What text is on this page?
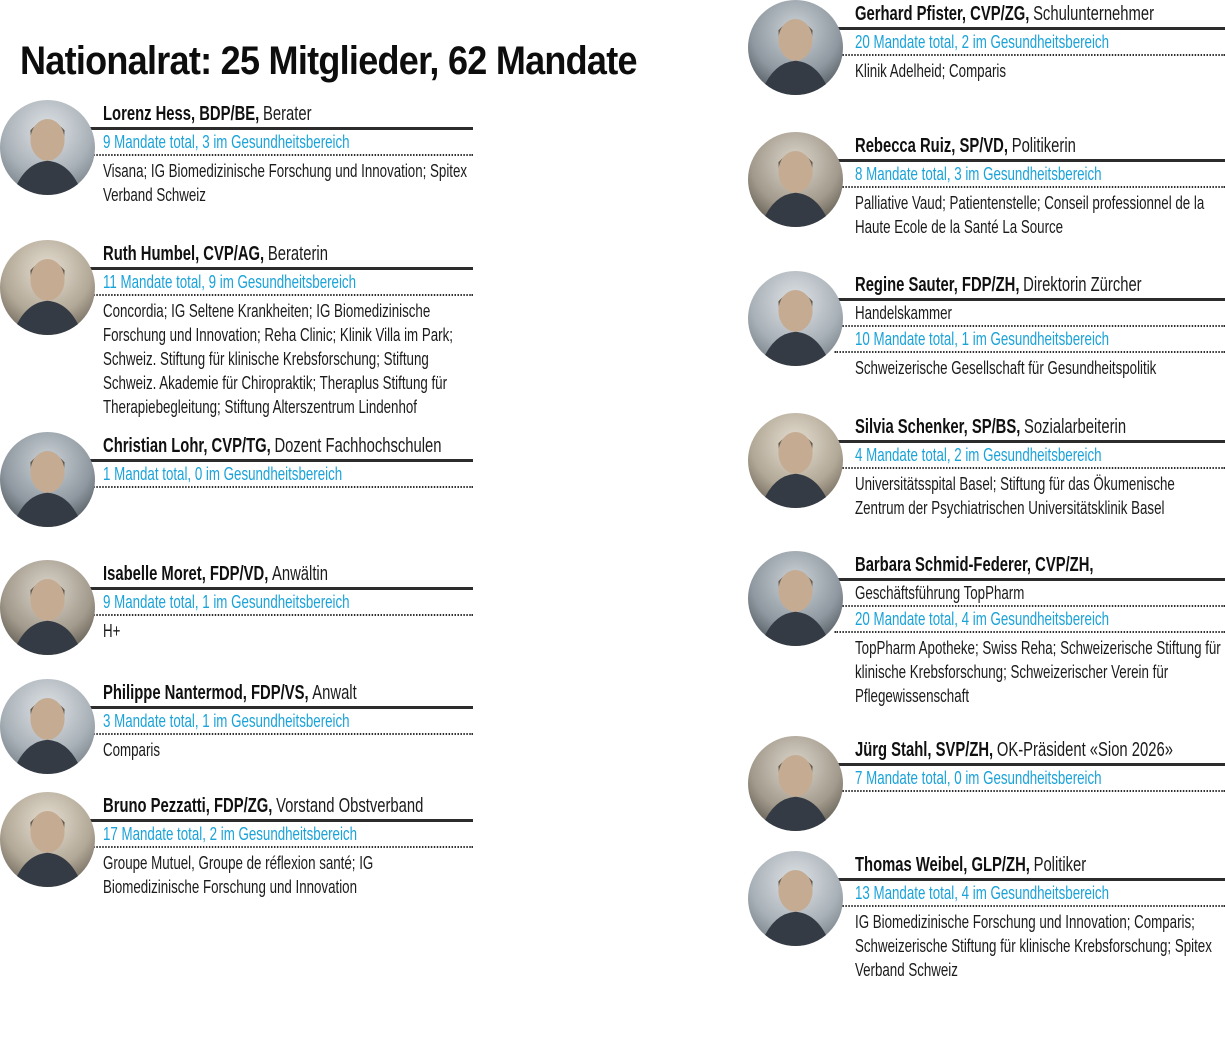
Nationalrat: 25 Mitglieder, 62 Mandate
Lorenz Hess, BDP/BE, Berater
9 Mandate total, 3 im Gesundheitsbereich
Visana; IG Biomedizinische Forschung und Innovation; Spitex Verband Schweiz
Ruth Humbel, CVP/AG, Beraterin
11 Mandate total, 9 im Gesundheitsbereich
Concordia; IG Seltene Krankheiten; IG Biomedizinische Forschung und Innovation; Reha Clinic; Klinik Villa im Park; Schweiz. Stiftung für klinische Krebsforschung; Stiftung Schweiz. Akademie für Chiropraktik; Theraplus Stiftung für Therapiebegleitung; Stiftung Alterszentrum Lindenhof
Christian Lohr, CVP/TG, Dozent Fachhochschulen
1 Mandat total, 0 im Gesundheitsbereich
Isabelle Moret, FDP/VD, Anwältin
9 Mandate total, 1 im Gesundheitsbereich
H+
Philippe Nantermod, FDP/VS, Anwalt
3 Mandate total, 1 im Gesundheitsbereich
Comparis
Bruno Pezzatti, FDP/ZG, Vorstand Obstverband
17 Mandate total, 2 im Gesundheitsbereich
Groupe Mutuel, Groupe de réflexion santé; IG Biomedizinische Forschung und Innovation
Gerhard Pfister, CVP/ZG, Schulunternehmer
20 Mandate total, 2 im Gesundheitsbereich
Klinik Adelheid; Comparis
Rebecca Ruiz, SP/VD, Politikerin
8 Mandate total, 3 im Gesundheitsbereich
Palliative Vaud; Patientenstelle; Conseil professionnel de la Haute Ecole de la Santé La Source
Regine Sauter, FDP/ZH, Direktorin Zürcher
Handelskammer
10 Mandate total, 1 im Gesundheitsbereich
Schweizerische Gesellschaft für Gesundheitspolitik
Silvia Schenker, SP/BS, Sozialarbeiterin
4 Mandate total, 2 im Gesundheitsbereich
Universitätsspital Basel; Stiftung für das Ökumenische Zentrum der Psychiatrischen Universitätsklinik Basel
Barbara Schmid-Federer, CVP/ZH,
Geschäftsführung TopPharm
20 Mandate total, 4 im Gesundheitsbereich
TopPharm Apotheke; Swiss Reha; Schweizerische Stiftung für klinische Krebsforschung; Schweizerischer Verein für Pflegewissenschaft
Jürg Stahl, SVP/ZH, OK-Präsident «Sion 2026»
7 Mandate total, 0 im Gesundheitsbereich
Thomas Weibel, GLP/ZH, Politiker
13 Mandate total, 4 im Gesundheitsbereich
IG Biomedizinische Forschung und Innovation; Comparis; Schweizerische Stiftung für klinische Krebsforschung; Spitex Verband Schweiz
